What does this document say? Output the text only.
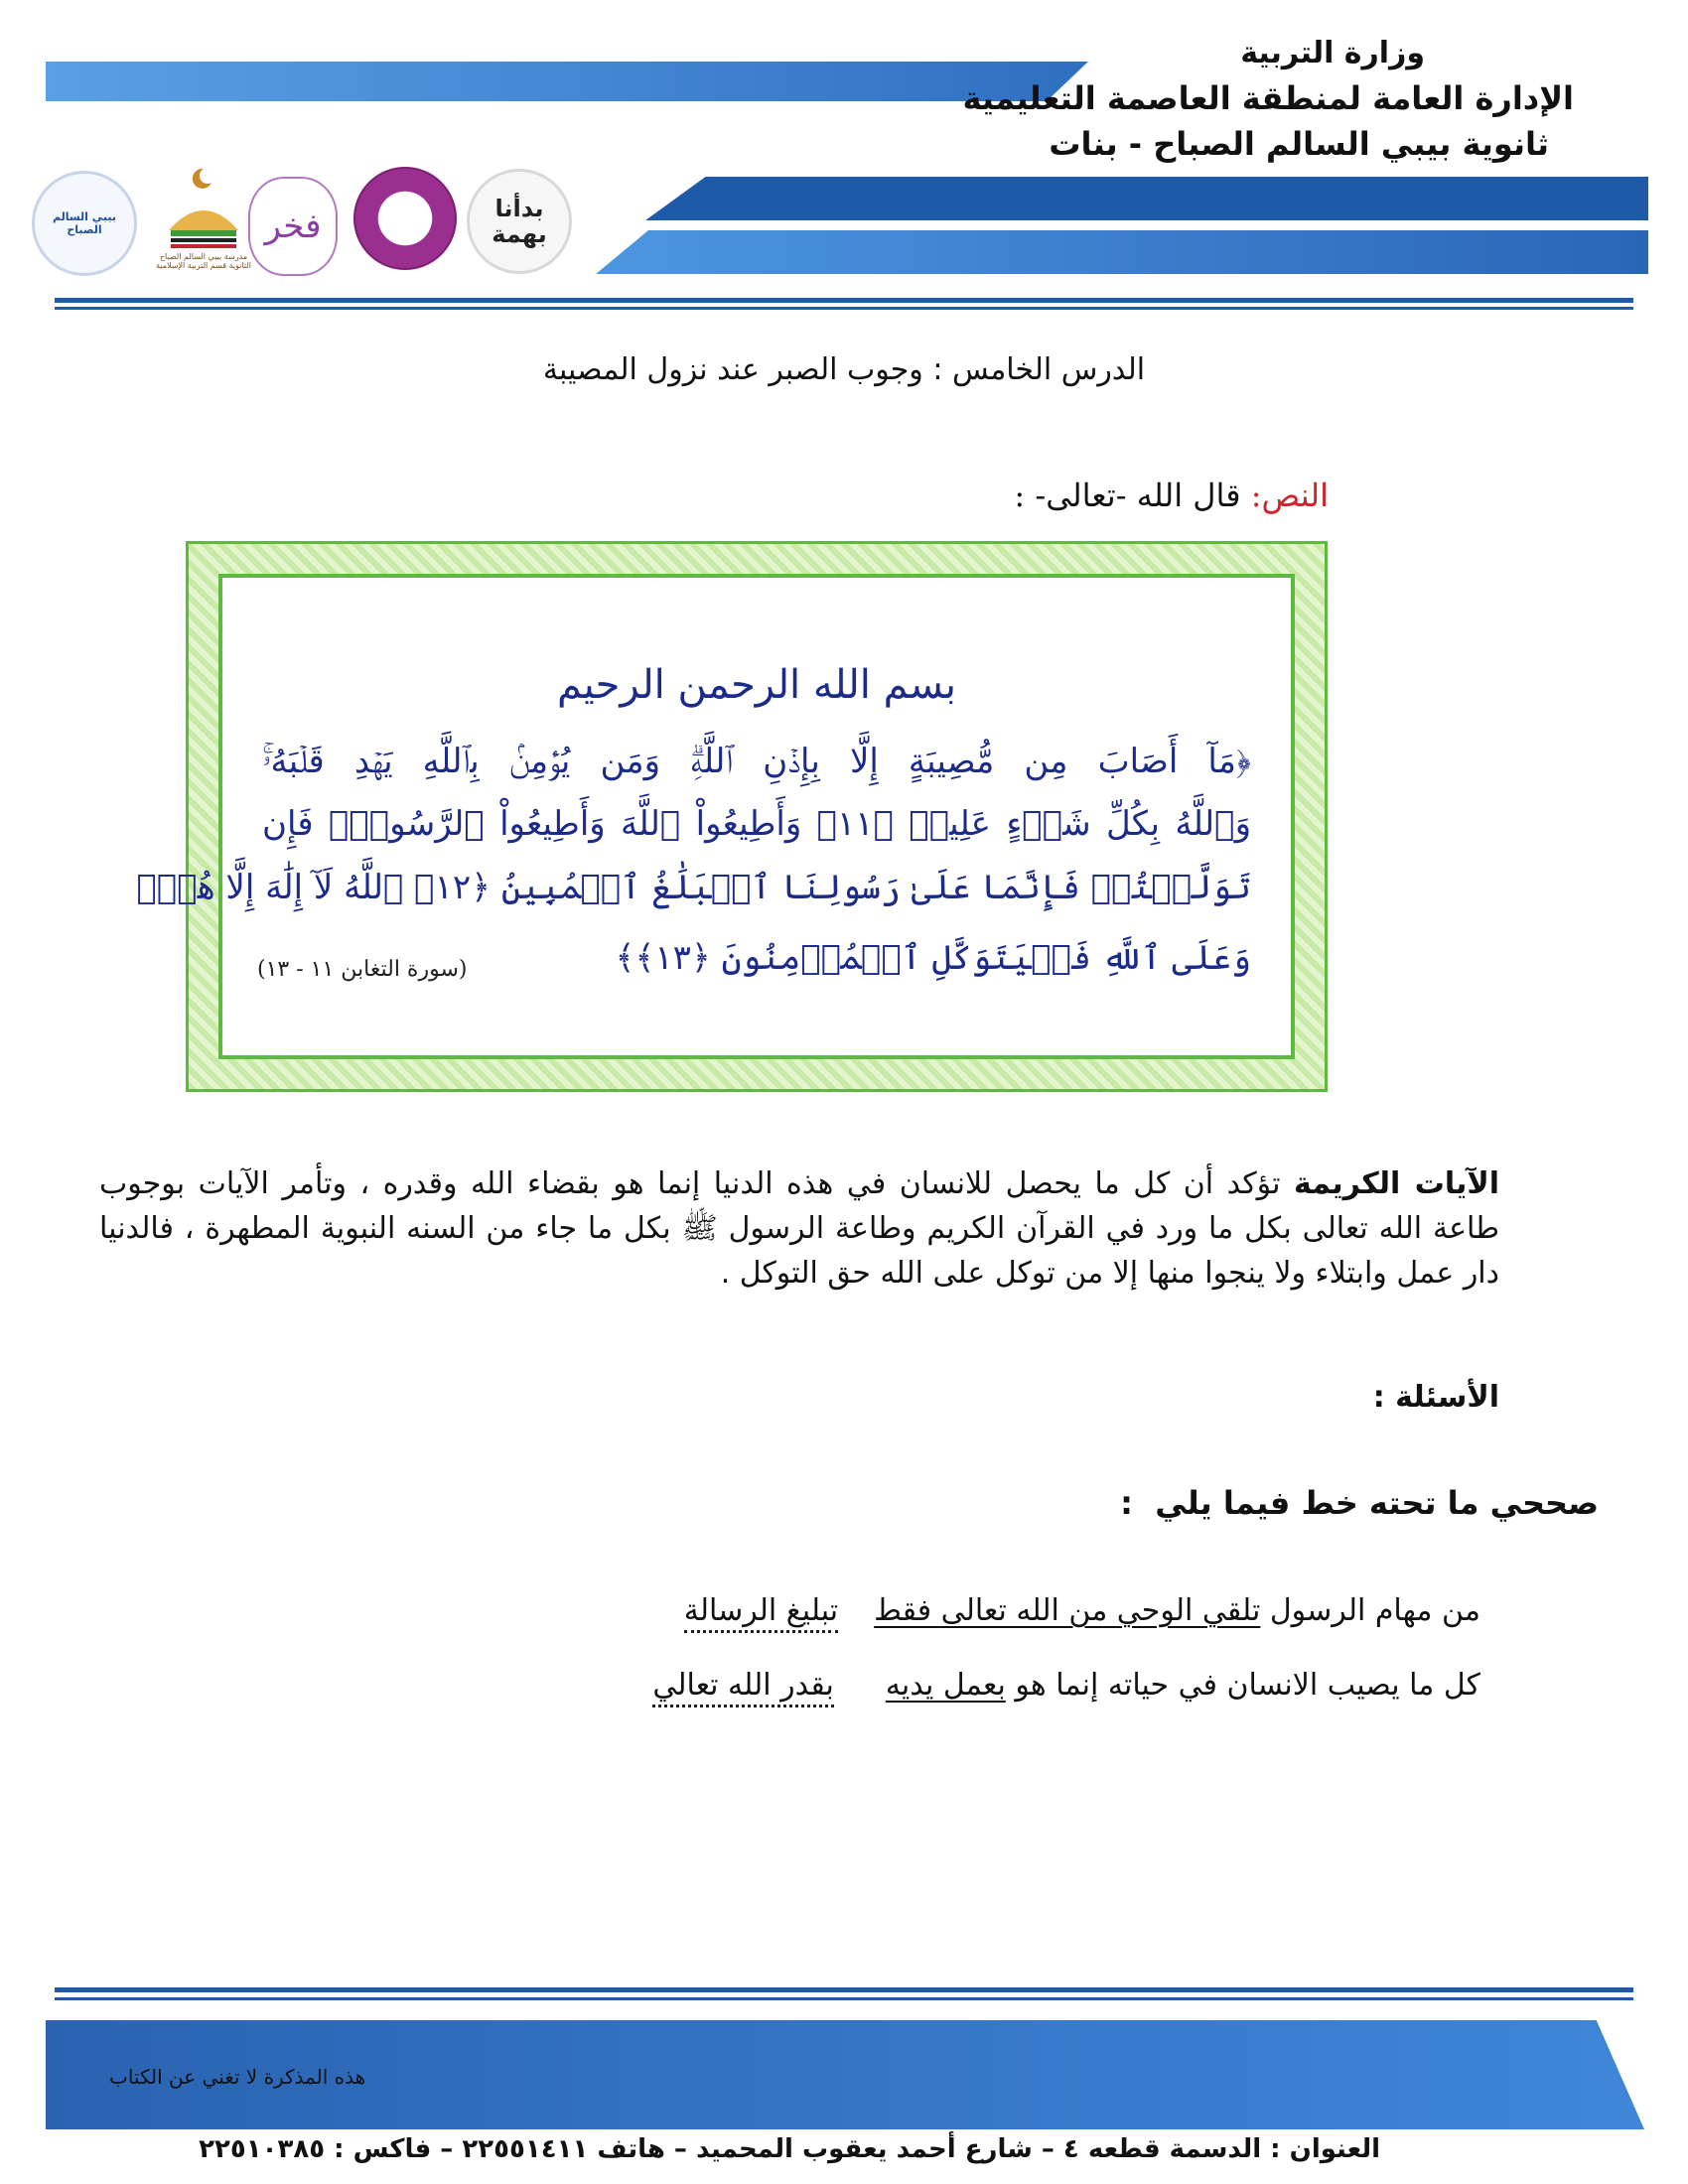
وزارة التربية
الإدارة العامة لمنطقة العاصمة التعليمية
ثانوية بيبي السالم الصباح - بنات
بيبي السالم الصباح
مدرسة بيبي السالم الصباح الثانوية قسم التربية الإسلامية
فخر	بدأنا بهمة
الدرس الخامس : وجوب الصبر عند نزول المصيبة
النص: قال الله -تعالى- :
بسم الله الرحمن الرحيم
﴿مَآ أَصَابَ مِن مُّصِيبَةٍ إِلَّا بِإِذۡنِ ٱللَّهِۗ وَمَن يُؤۡمِنۢ بِٱللَّهِ يَهۡدِ قَلۡبَهُۥۚ
وَٱللَّهُ بِكُلِّ شَيۡءٍ عَلِيمٞ ﴿١١﴾ وَأَطِيعُواْ ٱللَّهَ وَأَطِيعُواْ ٱلرَّسُولَۚ فَإِن
تَوَلَّيۡتُمۡ فَإِنَّمَا عَلَىٰ رَسُولِنَا ٱلۡبَلَٰغُ ٱلۡمُبِينُ ﴿١٢﴾ ٱللَّهُ لَآ إِلَٰهَ إِلَّا هُوَۚ
وَعَلَى ٱللَّهِ فَلۡيَتَوَكَّلِ ٱلۡمُؤۡمِنُونَ ﴿١٣﴾﴾
(سورة التغابن ١١ - ١٣)
الآيات الكريمة تؤكد أن كل ما يحصل للانسان في هذه الدنيا إنما هو بقضاء الله وقدره ، وتأمر الآيات بوجوب طاعة الله تعالى بكل ما ورد في القرآن الكريم وطاعة الرسول ﷺ بكل ما جاء من السنه النبوية المطهرة ، فالدنيا دار عمل وابتلاء ولا ينجوا منها إلا من توكل على الله حق التوكل .
الأسئلة :
صححي ما تحته خط فيما يلي  :

من مهام الرسول تلقي الوحي من الله تعالى فقطتبليغ الرسالة

كل ما يصيب الانسان في حياته إنما هو بعمل يديهبقدر الله تعالي

هذه المذكرة لا تغني عن الكتاب
العنوان : الدسمة قطعه ٤ – شارع أحمد يعقوب المحميد – هاتف ٢٢٥٥١٤١١ – فاكس : ٢٢٥١٠٣٨٥
